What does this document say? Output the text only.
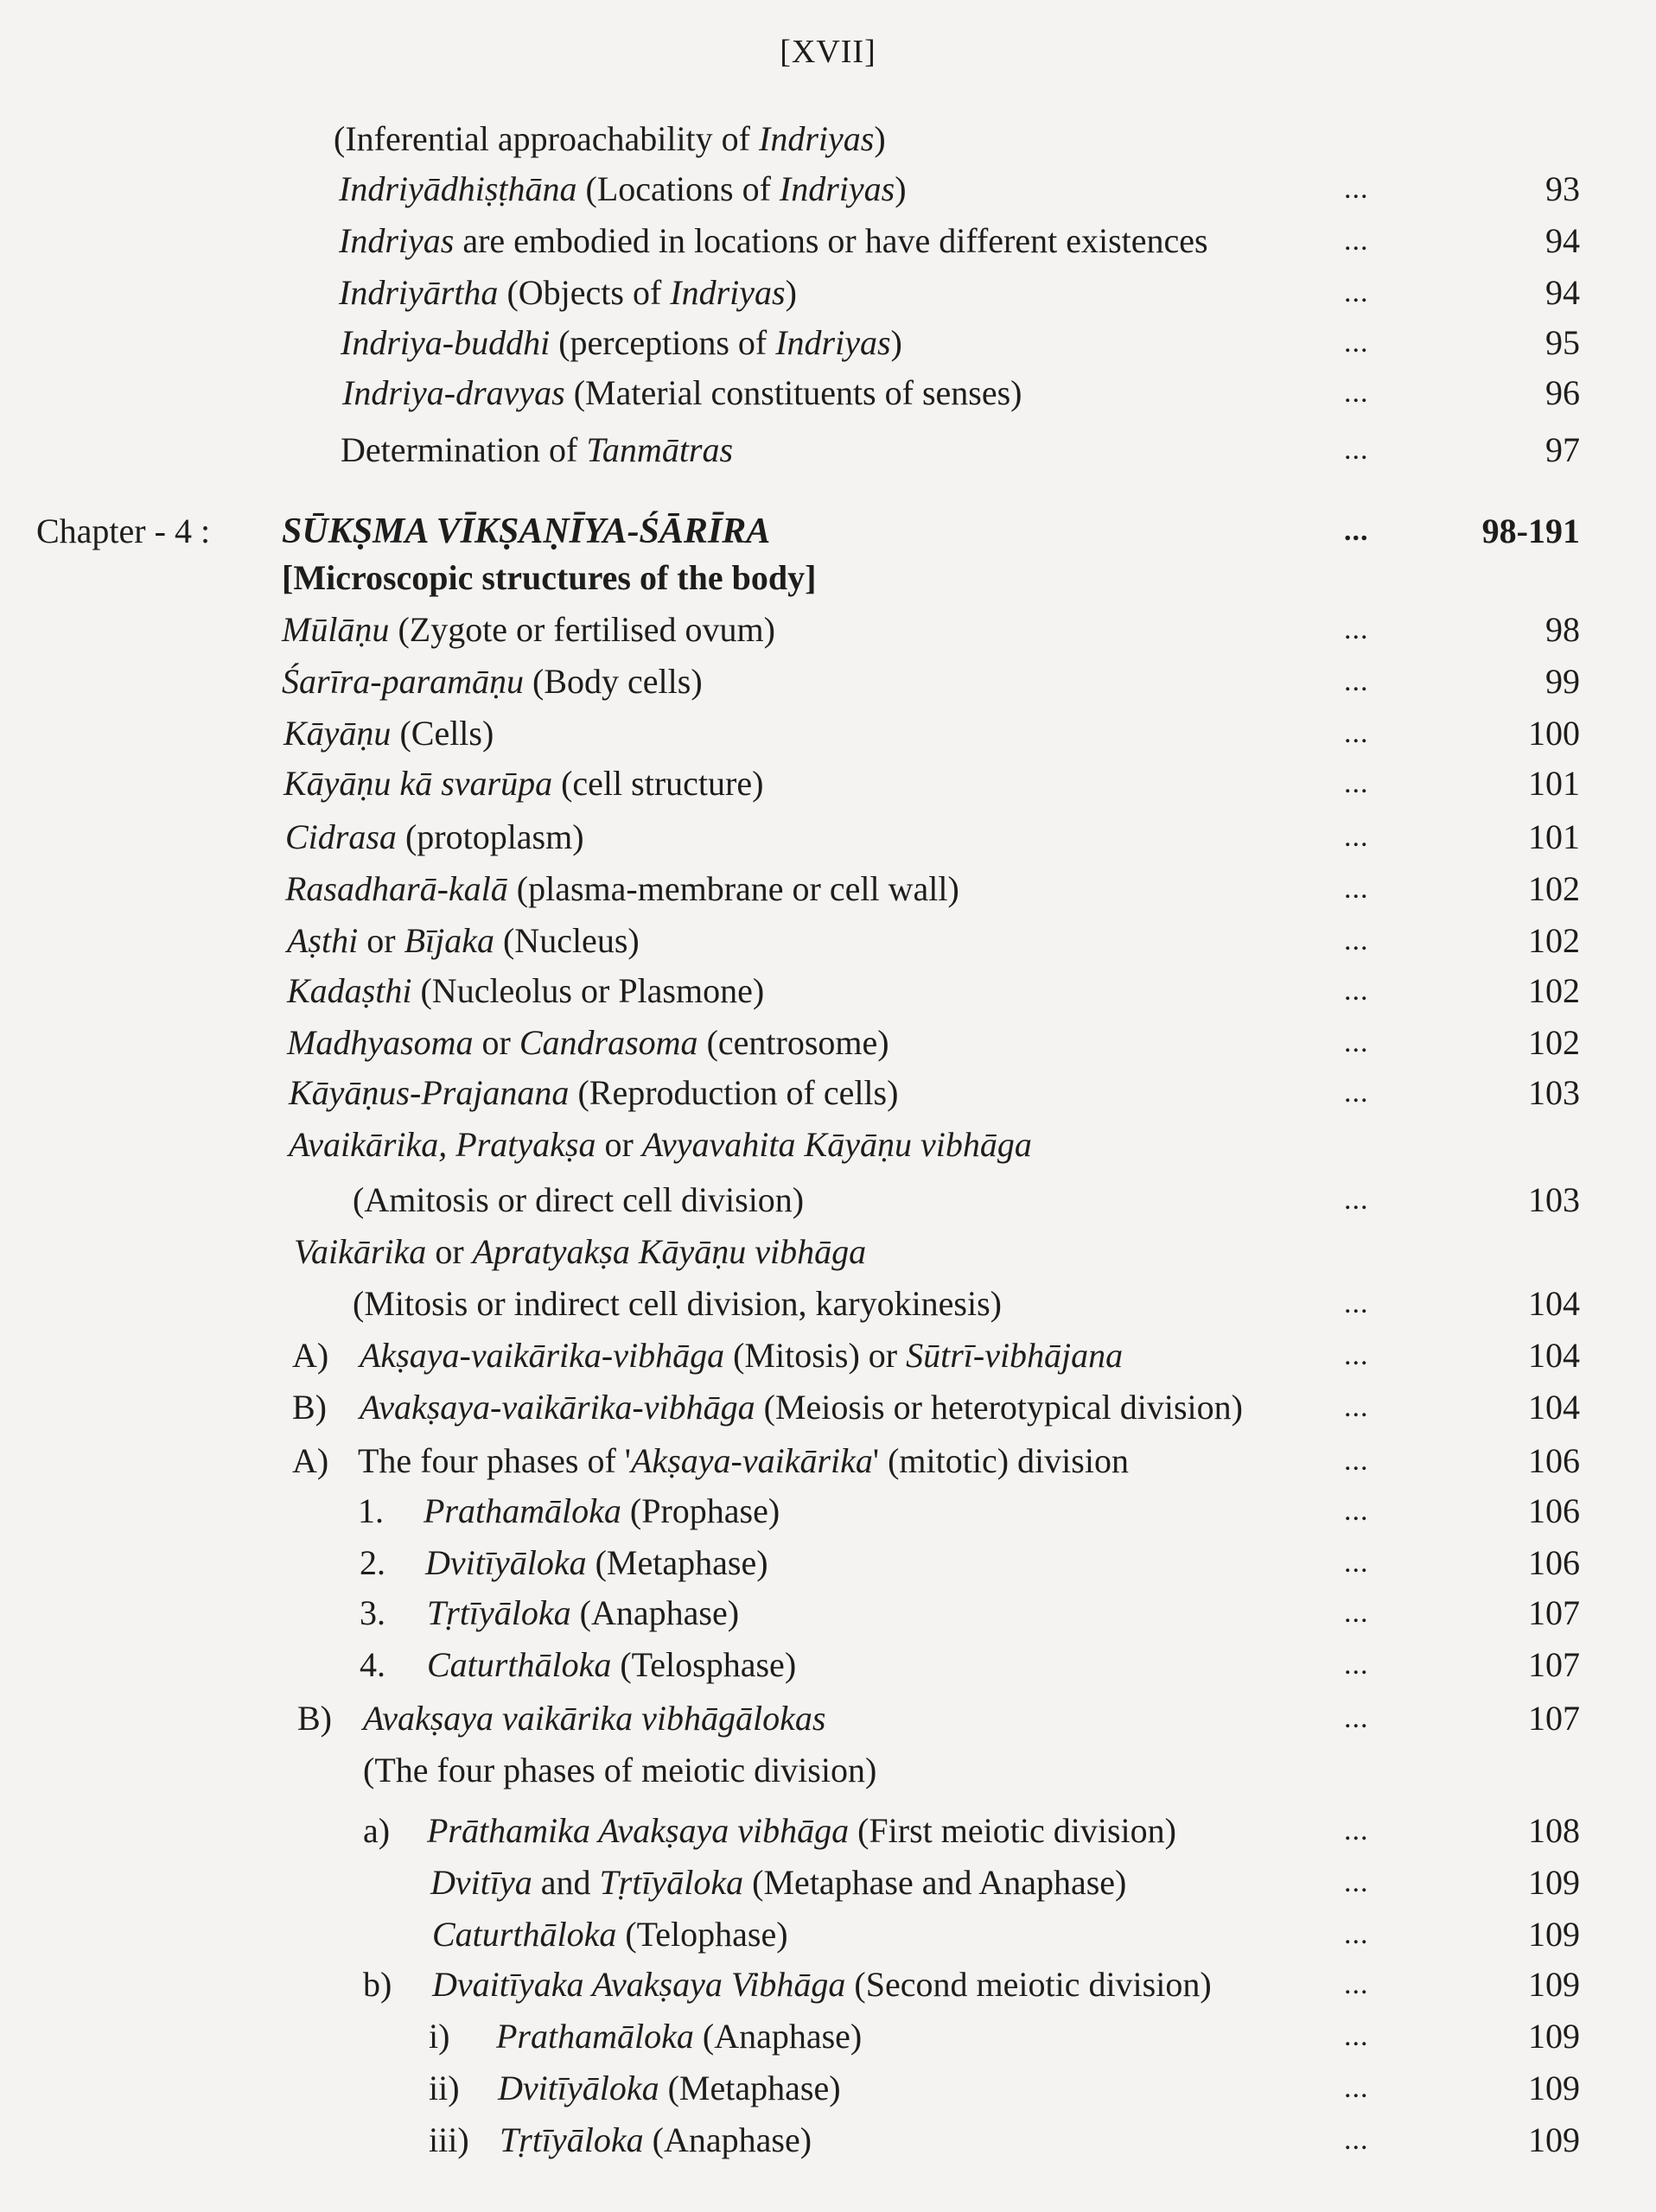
[XVII]
Chapter - 4 : SŪKṢMA VĪKṢAṆĪYA-ŚĀRĪRA	...	98-191
[Microscopic structures of the body]
(Inferential approachability of Indriyas)
Indriyādhiṣṭhāna (Locations of Indriyas)	...	93
Indriyas are embodied in locations or have different existences	...	94
Indriyārtha (Objects of Indriyas)	...	94
Indriya-buddhi (perceptions of Indriyas)	...	95
Indriya-dravyas (Material constituents of senses)	...	96
Determination of Tanmātras	...	97
Mūlāṇu (Zygote or fertilised ovum)	...	98
Śarīra-paramāṇu (Body cells)	...	99
Kāyāṇu (Cells)	...	100
Kāyāṇu kā svarūpa (cell structure)	...	101
Cidrasa (protoplasm)	...	101
Rasadharā-kalā (plasma-membrane or cell wall)	...	102
Aṣthi or Bījaka (Nucleus)	...	102
Kadaṣthi (Nucleolus or Plasmone)	...	102
Madhyasoma or Candrasoma (centrosome)	...	102
Kāyāṇus-Prajanana (Reproduction of cells)	...	103
Avaikārika, Pratyakṣa or Avyavahita Kāyāṇu vibhāga
(Amitosis or direct cell division)	...	103
Vaikārika or Apratyakṣa Kāyāṇu vibhāga
(Mitosis or indirect cell division, karyokinesis)	...	104
A) Akṣaya-vaikārika-vibhāga (Mitosis) or Sūtrī-vibhājana	...	104
B) Avakṣaya-vaikārika-vibhāga (Meiosis or heterotypical division)	...	104
A) The four phases of 'Akṣaya-vaikārika' (mitotic) division	...	106
1. Prathamāloka (Prophase)	...	106
2. Dvitīyāloka (Metaphase)	...	106
3. Tṛtīyāloka (Anaphase)	...	107
4. Caturthāloka (Telosphase)	...	107
B) Avakṣaya vaikārika vibhāgālokas	...	107
(The four phases of meiotic division)
a) Prāthamika Avakṣaya vibhāga (First meiotic division)	...	108
Dvitīya and Tṛtīyāloka (Metaphase and Anaphase)	...	109
Caturthāloka (Telophase)	...	109
b) Dvaitīyaka Avakṣaya Vibhāga (Second meiotic division)	...	109
i) Prathamāloka (Anaphase)	...	109
ii) Dvitīyāloka (Metaphase)	...	109
iii) Tṛtīyāloka (Anaphase)	...	109
